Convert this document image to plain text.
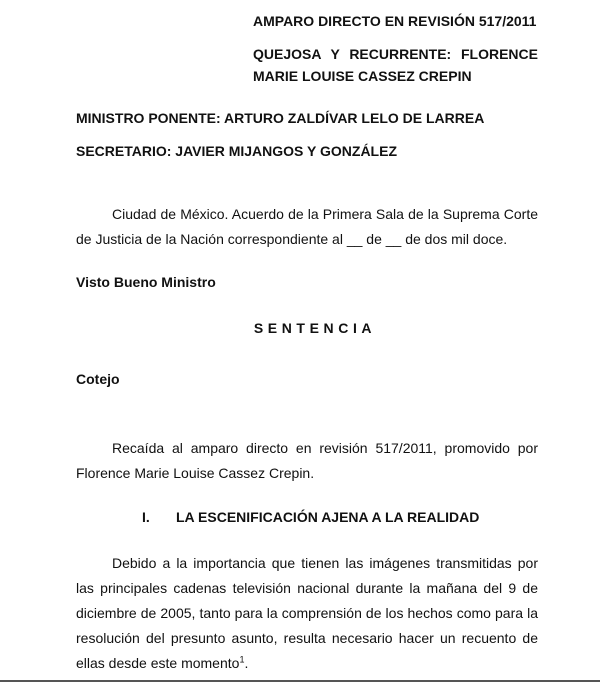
AMPARO DIRECTO EN REVISIÓN 517/2011
QUEJOSA Y RECURRENTE: FLORENCE MARIE LOUISE CASSEZ CREPIN
MINISTRO PONENTE: ARTURO ZALDÍVAR LELO DE LARREA
SECRETARIO: JAVIER MIJANGOS Y GONZÁLEZ
Ciudad de México. Acuerdo de la Primera Sala de la Suprema Corte de Justicia de la Nación correspondiente al __ de __ de dos mil doce.
Visto Bueno Ministro
SENTENCIA
Cotejo
Recaída al amparo directo en revisión 517/2011, promovido por Florence Marie Louise Cassez Crepin.
I. LA ESCENIFICACIÓN AJENA A LA REALIDAD
Debido a la importancia que tienen las imágenes transmitidas por las principales cadenas televisión nacional durante la mañana del 9 de diciembre de 2005, tanto para la comprensión de los hechos como para la resolución del presunto asunto, resulta necesario hacer un recuento de ellas desde este momento$^1$.
